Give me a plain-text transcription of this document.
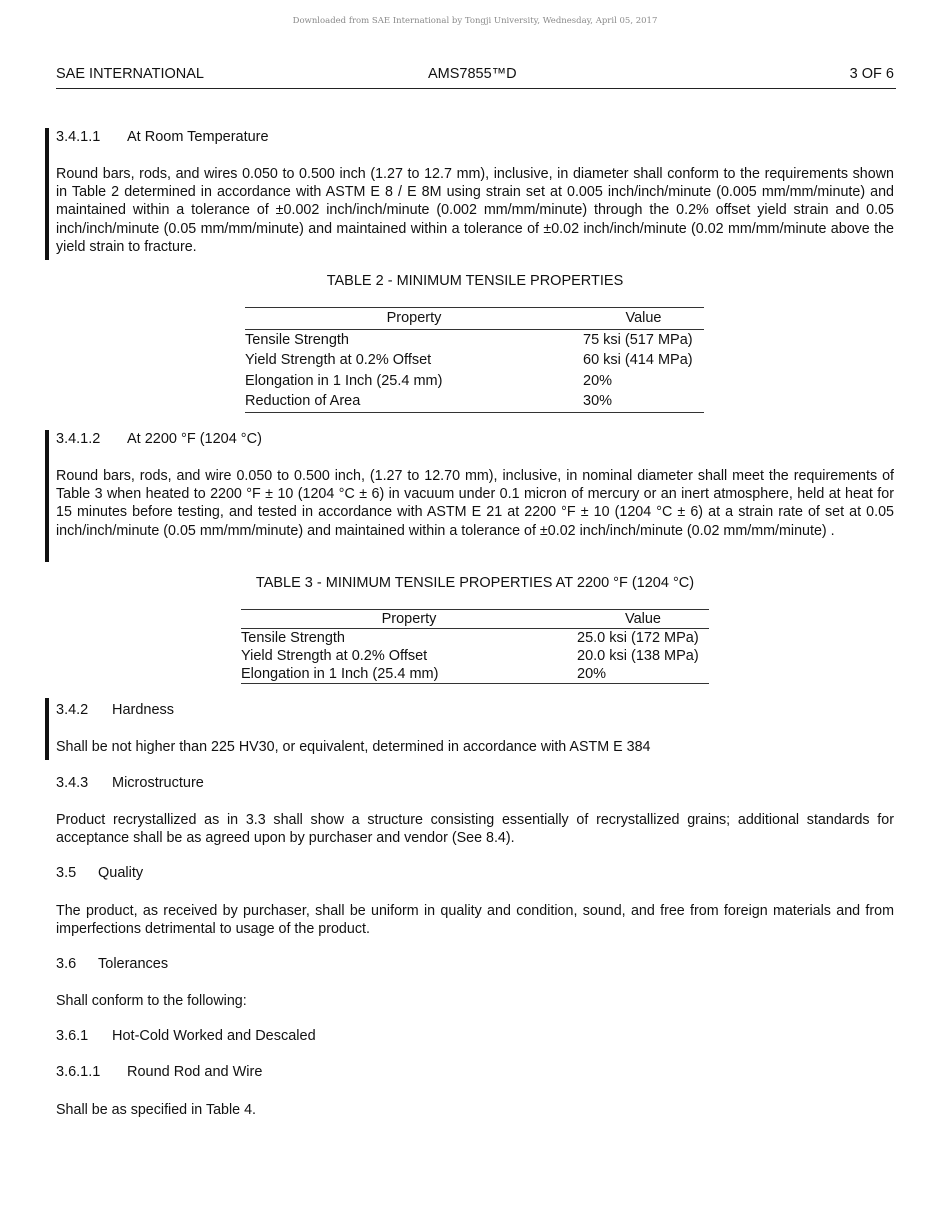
Downloaded from SAE International by Tongji University, Wednesday, April 05, 2017
SAE INTERNATIONAL	AMS7855™D	3 OF 6
3.4.1.1 At Room Temperature
Round bars, rods, and wires 0.050 to 0.500 inch (1.27 to 12.7 mm), inclusive, in diameter shall conform to the requirements shown in Table 2 determined in accordance with ASTM E 8 / E 8M using strain set at 0.005 inch/inch/minute (0.005 mm/mm/minute) and maintained within a tolerance of ±0.002 inch/inch/minute (0.002 mm/mm/minute) through the 0.2% offset yield strain and 0.05 inch/inch/minute (0.05 mm/mm/minute) and maintained within a tolerance of ±0.02 inch/inch/minute (0.02 mm/mm/minute above the yield strain to fracture.
TABLE 2 - MINIMUM TENSILE PROPERTIES
Property	Value
Tensile Strength	75 ksi (517 MPa)
Yield Strength at 0.2% Offset	60 ksi (414 MPa)
Elongation in 1 Inch (25.4 mm)	20%
Reduction of Area	30%
3.4.1.2 At 2200 °F (1204 °C)
Round bars, rods, and wire 0.050 to 0.500 inch, (1.27 to 12.70 mm), inclusive, in nominal diameter shall meet the requirements of Table 3 when heated to 2200 °F ± 10 (1204 °C ± 6) in vacuum under 0.1 micron of mercury or an inert atmosphere, held at heat for 15 minutes before testing, and tested in accordance with ASTM E 21 at 2200 °F ± 10 (1204 °C ± 6) at a strain rate of set at 0.05 inch/inch/minute (0.05 mm/mm/minute) and maintained within a tolerance of ±0.02 inch/inch/minute (0.02 mm/mm/minute) .
TABLE 3 - MINIMUM TENSILE PROPERTIES AT 2200 °F (1204 °C)
Property	Value
Tensile Strength	25.0 ksi (172 MPa)
Yield Strength at 0.2% Offset	20.0 ksi (138 MPa)
Elongation in 1 Inch (25.4 mm)	20%
3.4.2 Hardness
Shall be not higher than 225 HV30, or equivalent, determined in accordance with ASTM E 384
3.4.3 Microstructure
Product recrystallized as in 3.3 shall show a structure consisting essentially of recrystallized grains; additional standards for acceptance shall be as agreed upon by purchaser and vendor (See 8.4).
3.5 Quality
The product, as received by purchaser, shall be uniform in quality and condition, sound, and free from foreign materials and from imperfections detrimental to usage of the product.
3.6 Tolerances
Shall conform to the following:
3.6.1 Hot-Cold Worked and Descaled
3.6.1.1 Round Rod and Wire
Shall be as specified in Table 4.
